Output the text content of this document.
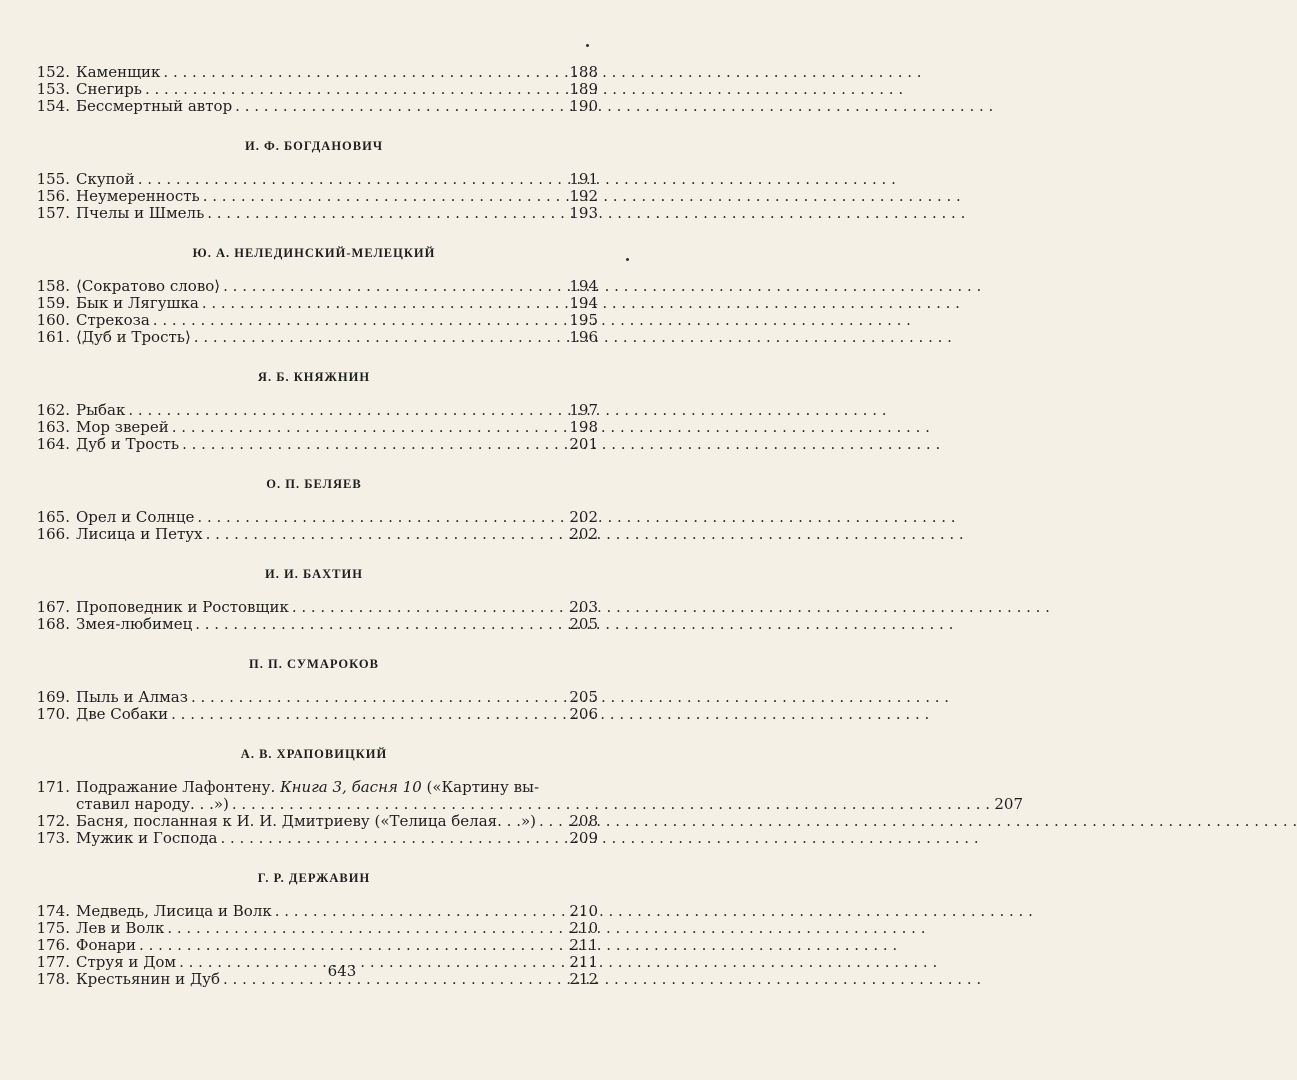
152. Каменщик . . .	188
153. Снегирь . . .	189
154. Бессмертный автор . . .	190
И. Ф. БОГДАНОВИЧ
155. Скупой . . .	191
156. Неумеренность . . .	192
157. Пчелы и Шмель . . .	193
Ю. А. НЕЛЕДИНСКИЙ-МЕЛЕЦКИЙ
158. ⟨Сократово слово⟩ . . .	194
159. Бык и Лягушка . . .	194
160. Стрекоза . . .	195
161. ⟨Дуб и Трость⟩ . . .	196
Я. Б. КНЯЖНИН
162. Рыбак . . .	197
163. Мор зверей . . .	198
164. Дуб и Трость . . .	201
О. П. БЕЛЯЕВ
165. Орел и Солнце . . .	202
166. Лисица и Петух . . .	202
И. И. БАХТИН
167. Проповедник и Ростовщик . . .	203
168. Змея-любимец . . .	205
П. П. СУМАРОКОВ
169. Пыль и Алмаз . . .	205
170. Две Собаки . . .	206
А. В. ХРАПОВИЦКИЙ
171. Подражание Лафонтену. Книга 3, басня 10 («Картину вы-
ставил народу. . .») . . .	207
172. Басня, посланная к И. И. Дмитриеву («Телица белая. . .») . . . 208
173. Мужик и Господа . . .	209
Г. Р. ДЕРЖАВИН
174. Медведь, Лисица и Волк . . .	210
175. Лев и Волк . . .	210
176. Фонари . . .	211
177. Струя и Дом . . .	211
178. Крестьянин и Дуб . . .	212
643
